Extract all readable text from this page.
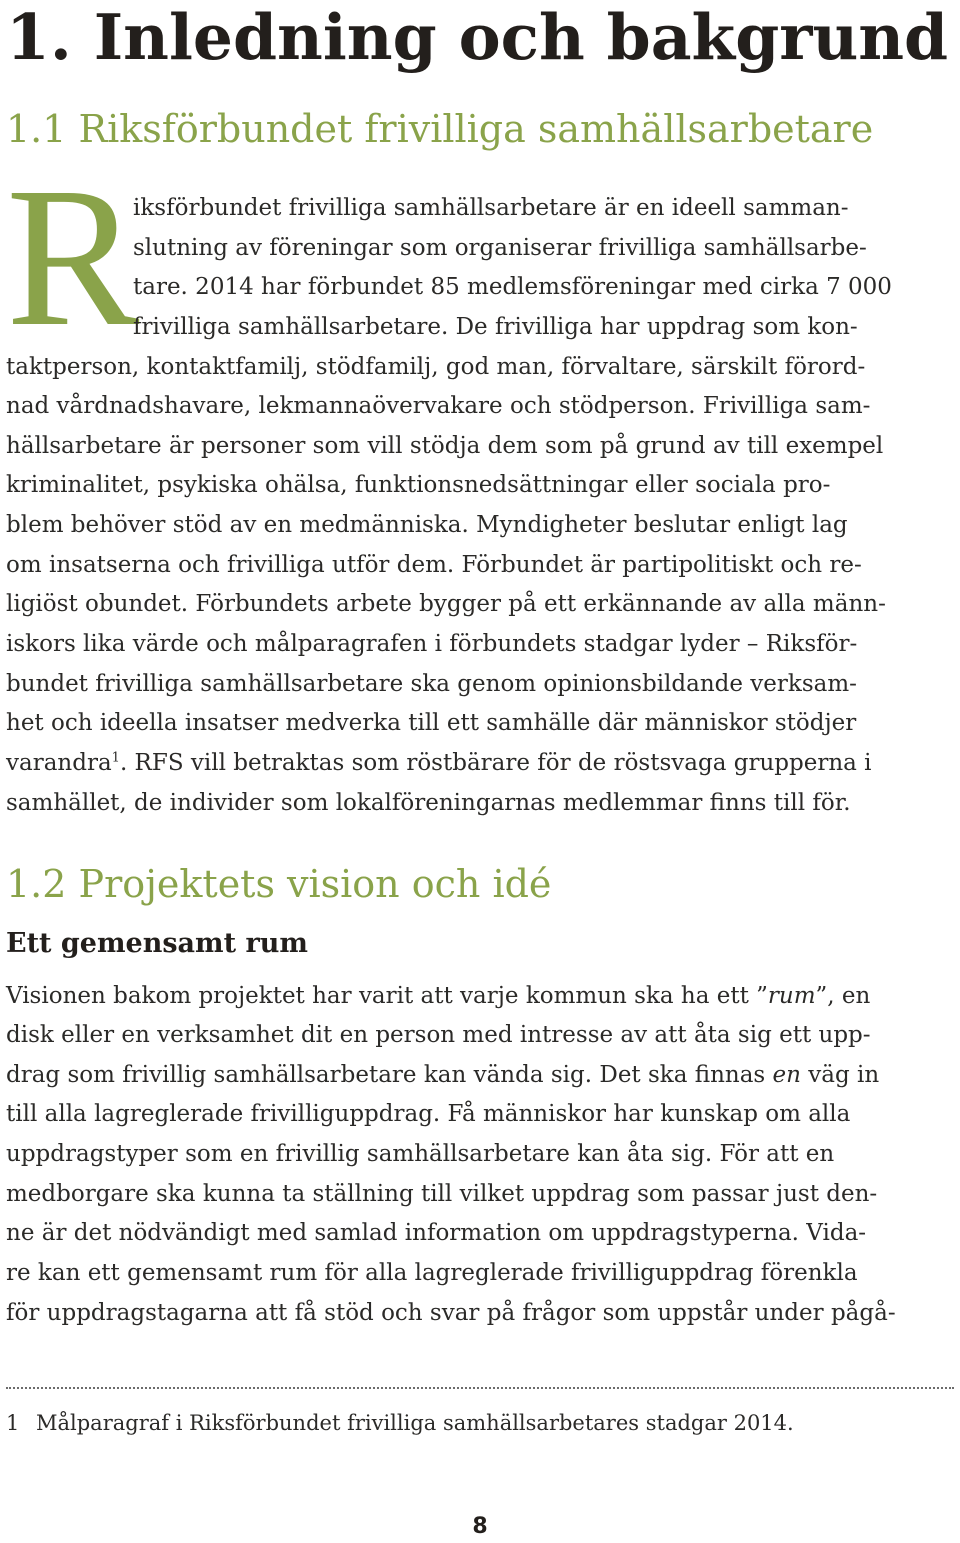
1. Inledning och bakgrund
1.1 Riksförbundet frivilliga samhällsarbetare
R
iksförbundet frivilliga samhällsarbetare är en ideell samman-
slutning av föreningar som organiserar frivilliga samhällsarbe-
tare. 2014 har förbundet 85 medlemsföreningar med cirka 7 000
frivilliga samhällsarbetare. De frivilliga har uppdrag som kon-
taktperson, kontaktfamilj, stödfamilj, god man, förvaltare, särskilt förord-
nad vårdnadshavare, lekmannaövervakare och stödperson. Frivilliga sam-
hällsarbetare är personer som vill stödja dem som på grund av till exempel
kriminalitet, psykiska ohälsa, funktionsnedsättningar eller sociala pro-
blem behöver stöd av en medmänniska. Myndigheter beslutar enligt lag
om insatserna och frivilliga utför dem. Förbundet är partipolitiskt och re-
ligiöst obundet. Förbundets arbete bygger på ett erkännande av alla männ-
iskors lika värde och målparagrafen i förbundets stadgar lyder – Riksför-
bundet frivilliga samhällsarbetare ska genom opinionsbildande verksam-
het och ideella insatser medverka till ett samhälle där människor stödjer
varandra$^1$. RFS vill betraktas som röstbärare för de röstsvaga grupperna i
samhället, de individer som lokalföreningarnas medlemmar finns till för.
1.2 Projektets vision och idé
Ett gemensamt rum
Visionen bakom projektet har varit att varje kommun ska ha ett ”rum”, en
disk eller en verksamhet dit en person med intresse av att åta sig ett upp-
drag som frivillig samhällsarbetare kan vända sig. Det ska finnas en väg in
till alla lagreglerade frivilliguppdrag. Få människor har kunskap om alla
uppdragstyper som en frivillig samhällsarbetare kan åta sig. För att en
medborgare ska kunna ta ställning till vilket uppdrag som passar just den-
ne är det nödvändigt med samlad information om uppdragstyperna. Vida-
re kan ett gemensamt rum för alla lagreglerade frivilliguppdrag förenkla
för uppdragstagarna att få stöd och svar på frågor som uppstår under pågå-
1 Målparagraf i Riksförbundet frivilliga samhällsarbetares stadgar 2014.
8
